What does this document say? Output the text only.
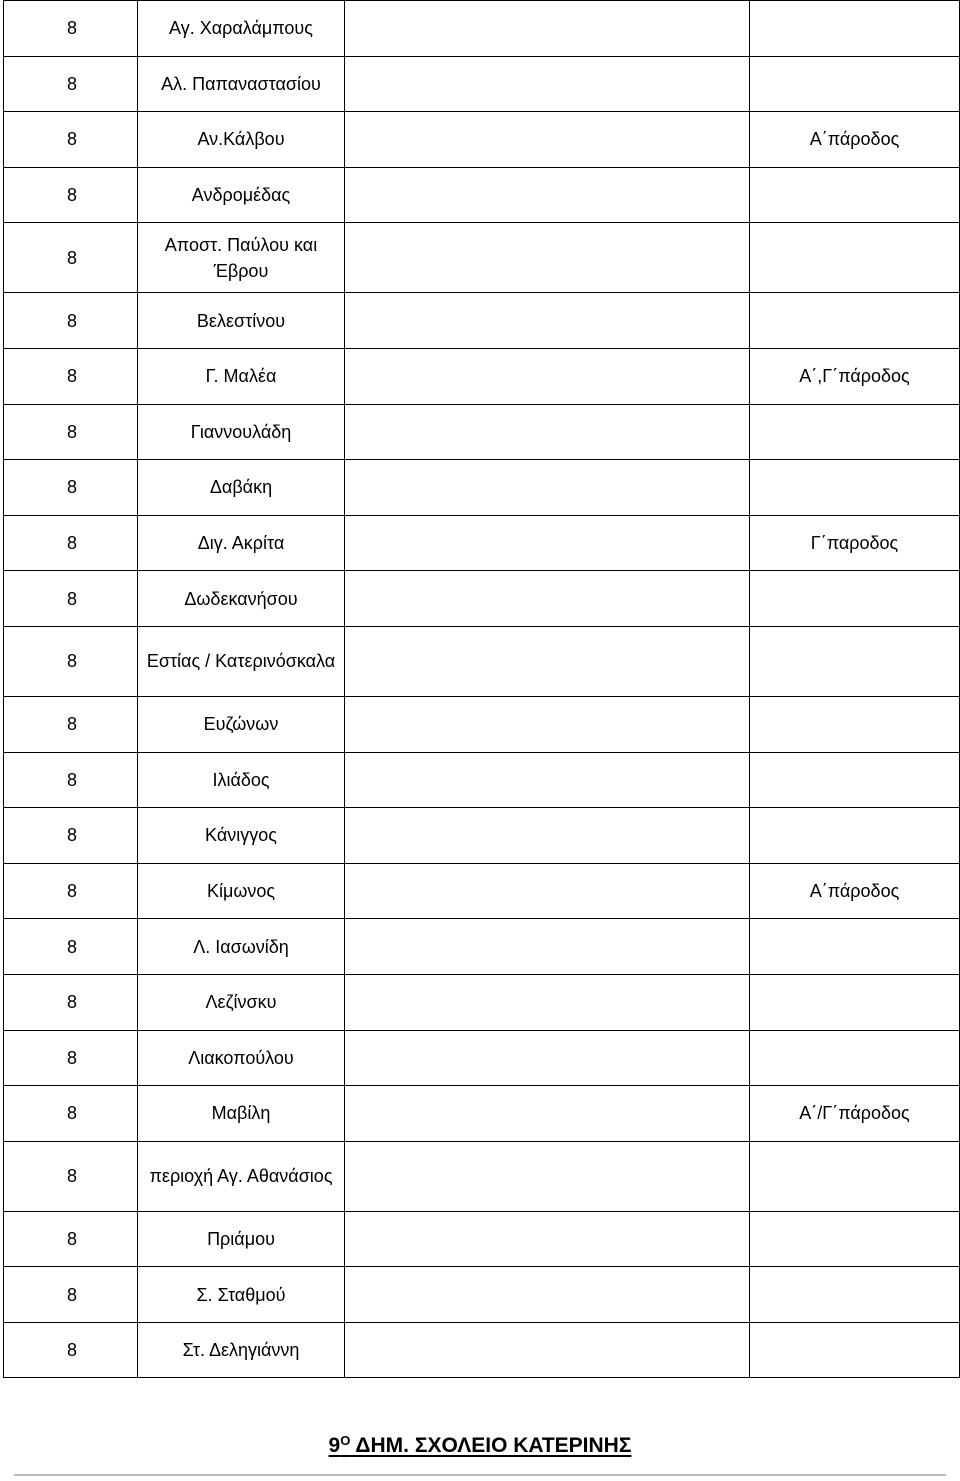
8	Αγ. Χαραλάμπους		
8	Αλ. Παπαναστασίου		
8	Αν.Κάλβου		Α΄πάροδος
8	Ανδρομέδας		
8	Αποστ. Παύλου και Έβρου		
8	Βελεστίνου		
8	Γ. Μαλέα		Α΄,Γ΄πάροδος
8	Γιαννουλάδη		
8	Δαβάκη		
8	Διγ. Ακρίτα		Γ΄παροδος
8	Δωδεκανήσου		
8	Εστίας / Κατερινόσκαλα		
8	Ευζώνων		
8	Ιλιάδος		
8	Κάνιγγος		
8	Κίμωνος		Α΄πάροδος
8	Λ. Ιασωνίδη		
8	Λεζίνσκυ		
8	Λιακοπούλου		
8	Μαβίλη		Α΄/Γ΄πάροδος
8	περιοχή Αγ. Αθανάσιος		
8	Πριάμου		
8	Σ. Σταθμού		
8	Στ. Δεληγιάννη		
$9^O$ ΔΗΜ. ΣΧΟΛΕΙΟ ΚΑΤΕΡΙΝΗΣ
